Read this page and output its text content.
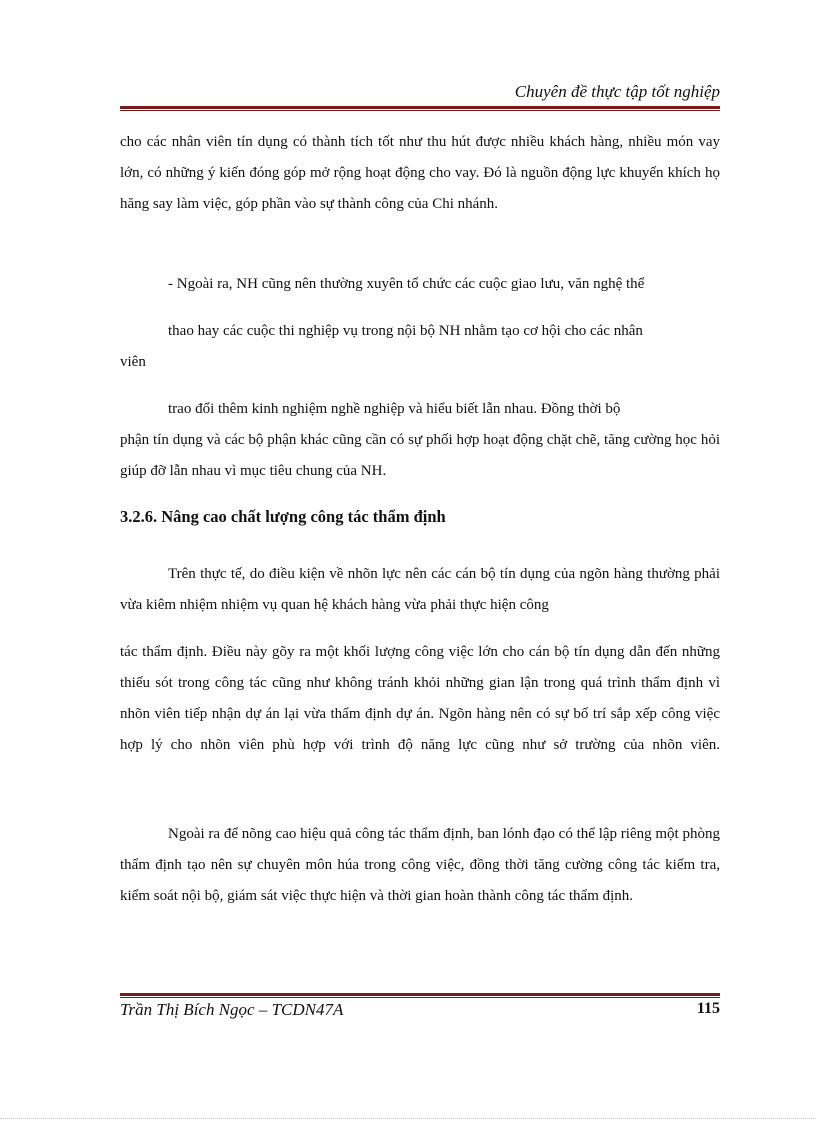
Chuyên đề thực tập tốt nghiệp

cho các nhân viên tín dụng có thành tích tốt như thu hút được nhiều khách hàng, nhiều món vay lớn, có những ý kiến đóng góp mở rộng hoạt động cho vay. Đó là nguồn động lực khuyến khích họ hăng say làm việc, góp phần vào sự thành công của Chi nhánh.

- Ngoài ra, NH cũng nên thường xuyên tổ chức các cuộc giao lưu, văn nghệ thể

thao hay các cuộc thi nghiệp vụ trong nội bộ NH nhằm tạo cơ hội cho các nhân

viên

trao đổi thêm kinh nghiệm nghề nghiệp và hiểu biết lẫn nhau. Đồng thời bộ

phận tín dụng và các bộ phận khác cũng cần có sự phối hợp hoạt động chặt chẽ, tăng cường học hỏi giúp đỡ lẫn nhau vì mục tiêu chung của NH.

3.2.6. Nâng cao chất lượng công tác thẩm định

Trên thực tế, do điều kiện về nhõn lực nên các cán bộ tín dụng của ngõn hàng thường phải vừa kiêm nhiệm nhiệm vụ quan hệ khách hàng vừa phải thực hiện công

tác thẩm định. Điều này gõy ra một khối lượng công việc lớn cho cán bộ tín dụng dẫn đến những thiếu sót trong công tác cũng như không tránh khỏi những gian lận trong quá trình thẩm định vì nhõn viên tiếp nhận dự án lại vừa thẩm định dự án. Ngõn hàng nên có sự bố trí sắp xếp công việc hợp lý cho nhõn viên phù hợp với trình độ năng lực cũng như sở trường của nhõn viên.

Ngoài ra để nõng cao hiệu quả công tác thẩm định, ban lónh đạo có thể lập riêng một phòng thẩm định tạo nên sự chuyên môn húa trong công việc, đồng thời tăng cường công tác kiểm tra, kiểm soát nội bộ, giám sát việc thực hiện và thời gian hoàn thành công tác thẩm định.

Trần Thị Bích Ngọc – TCDN47A	115
